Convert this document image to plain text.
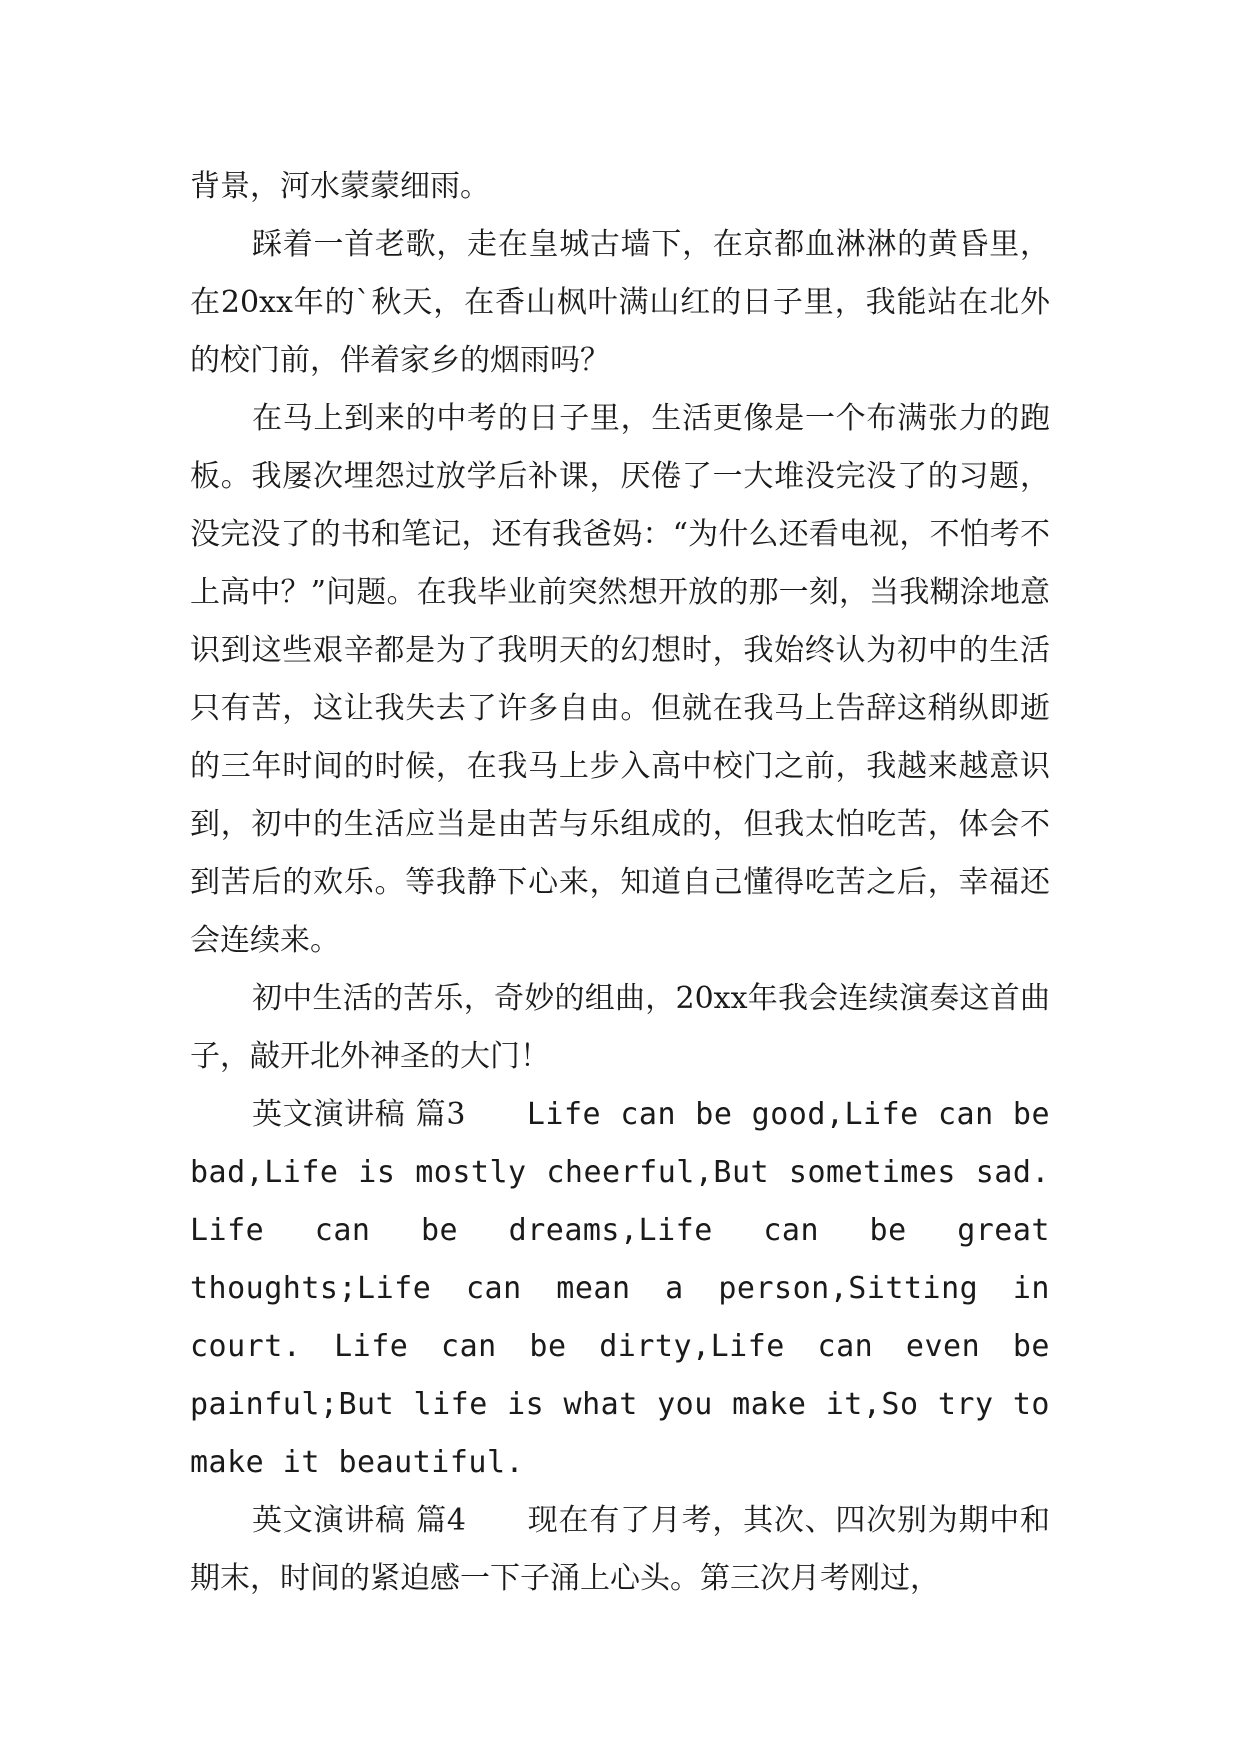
背景，河水蒙蒙细雨。

踩着一首老歌，走在皇城古墙下，在京都血淋淋的黄昏里，在20xx年的`秋天，在香山枫叶满山红的日子里，我能站在北外的校门前，伴着家乡的烟雨吗？

在马上到来的中考的日子里，生活更像是一个布满张力的跑板。我屡次埋怨过放学后补课，厌倦了一大堆没完没了的习题，没完没了的书和笔记，还有我爸妈：“为什么还看电视，不怕考不上高中？”问题。在我毕业前突然想开放的那一刻，当我糊涂地意识到这些艰辛都是为了我明天的幻想时，我始终认为初中的生活只有苦，这让我失去了许多自由。但就在我马上告辞这稍纵即逝的三年时间的时候，在我马上步入高中校门之前，我越来越意识到，初中的生活应当是由苦与乐组成的，但我太怕吃苦，体会不到苦后的欢乐。等我静下心来，知道自己懂得吃苦之后，幸福还会连续来。

初中生活的苦乐，奇妙的组曲，20xx年我会连续演奏这首曲子，敲开北外神圣的大门！

英文演讲稿 篇3 Life can be good,Life can be bad,Life is mostly cheerful,But sometimes sad. Life can be dreams,Life can be great thoughts;Life can mean a person,Sitting in court. Life can be dirty,Life can even be painful;But life is what you make it,So try to make it beautiful.

英文演讲稿 篇4 现在有了月考，其次、四次别为期中和期末，时间的紧迫感一下子涌上心头。第三次月考刚过，
